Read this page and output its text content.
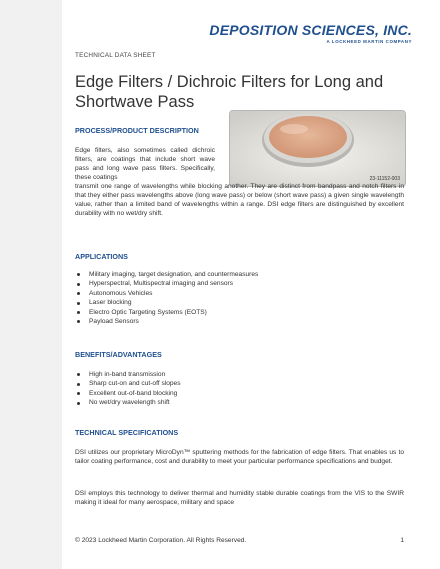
DEPOSITION SCIENCES, INC.
A LOCKHEED MARTIN COMPANY
TECHNICAL DATA SHEET
Edge Filters / Dichroic Filters for Long and Shortwave Pass
PROCESS/PRODUCT DESCRIPTION

Edge filters, also sometimes called dichroic filters, are coatings that include short wave pass and long wave pass filters. Specifically, these coatings	23-11152-003

transmit one range of wavelengths while blocking another. They are distinct from bandpass and notch filters in that they either pass wavelengths above (long wave pass) or below (short wave pass) a given single wavelength value, rather than a limited band of wavelengths within a range. DSI edge filters are distinguished by excellent durability with no wet/dry shift.

APPLICATIONS
Military imaging, target designation, and countermeasures
Hyperspectral, Multispectral imaging and sensors
Autonomous Vehicles
Laser blocking
Electro Optic Targeting Systems (EOTS)
Payload Sensors
BENEFITS/ADVANTAGES
High in-band transmission
Sharp cut-on and cut-off slopes
Excellent out-of-band blocking
No wet/dry wavelength shift
TECHNICAL SPECIFICATIONS

DSI utilizes our proprietary MicroDyn™ sputtering methods for the fabrication of edge filters. That enables us to tailor coating performance, cost and durability to meet your particular performance specifications and budget.

DSI employs this technology to deliver thermal and humidity stable durable coatings from the VIS to the SWIR making it ideal for many aerospace, military and space

© 2023 Lockheed Martin Corporation. All Rights Reserved.	1
